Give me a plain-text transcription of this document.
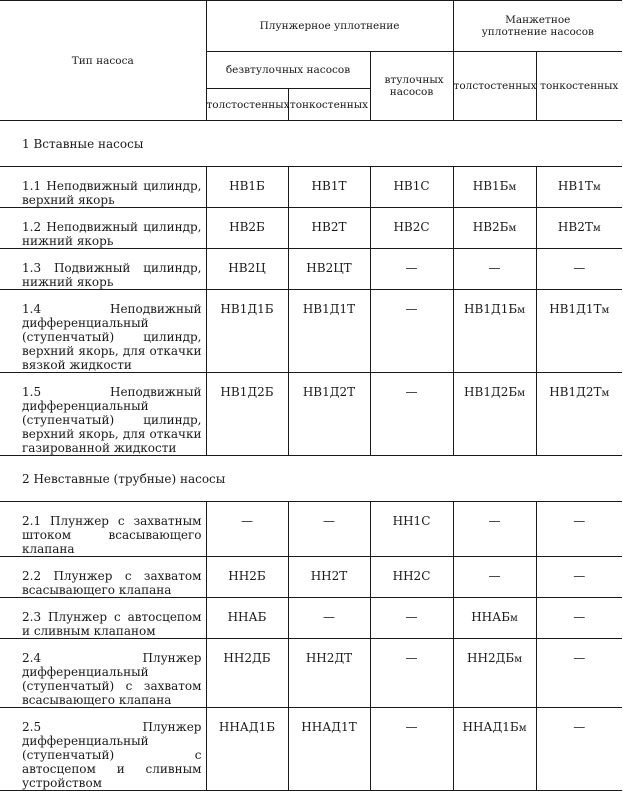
Тип насоса	Плунжерное уплотнение			Манжетное уплотнение насосов	
	безвтулочных насосов		втулочных насосов	толстостенных	тонкостенных
	толстостенных	тонкостенных			
1 Вставные насосы					
1.1 Неподвижный цилиндр, верхний якорь	НВ1Б	НВ1Т	НВ1С	НВ1Бм	НВ1Тм
1.2 Неподвижный цилиндр, нижний якорь	НВ2Б	НВ2Т	НВ2С	НВ2Бм	НВ2Тм
1.3 Подвижный цилиндр, нижний якорь	НВ2Ц	НВ2ЦТ	—	—	—
1.4 Неподвижный дифференциальный (ступенчатый) цилиндр, верхний якорь, для откачки вязкой жидкости	НВ1Д1Б	НВ1Д1Т	—	НВ1Д1Бм	НВ1Д1Тм
1.5 Неподвижный дифференциальный (ступенчатый) цилиндр, верхний якорь, для откачки газированной жидкости	НВ1Д2Б	НВ1Д2Т	—	НВ1Д2Бм	НВ1Д2Тм
2 Невставные (трубные) насосы					
2.1 Плунжер с захватным штоком всасывающего клапана	—	—	НН1С	—	—
2.2 Плунжер с захватом всасывающего клапана	НН2Б	НН2Т	НН2С	—	—
2.3 Плунжер с автосцепом и сливным клапаном	ННАБ	—	—	ННАБм	—
2.4 Плунжер дифференциальный (ступенчатый) с захватом всасывающего клапана	НН2ДБ	НН2ДТ	—	НН2ДБм	—
2.5 Плунжер дифференциальный (ступенчатый) с автосцепом и сливным устройством	ННАД1Б	ННАД1Т	—	ННАД1Бм	—
